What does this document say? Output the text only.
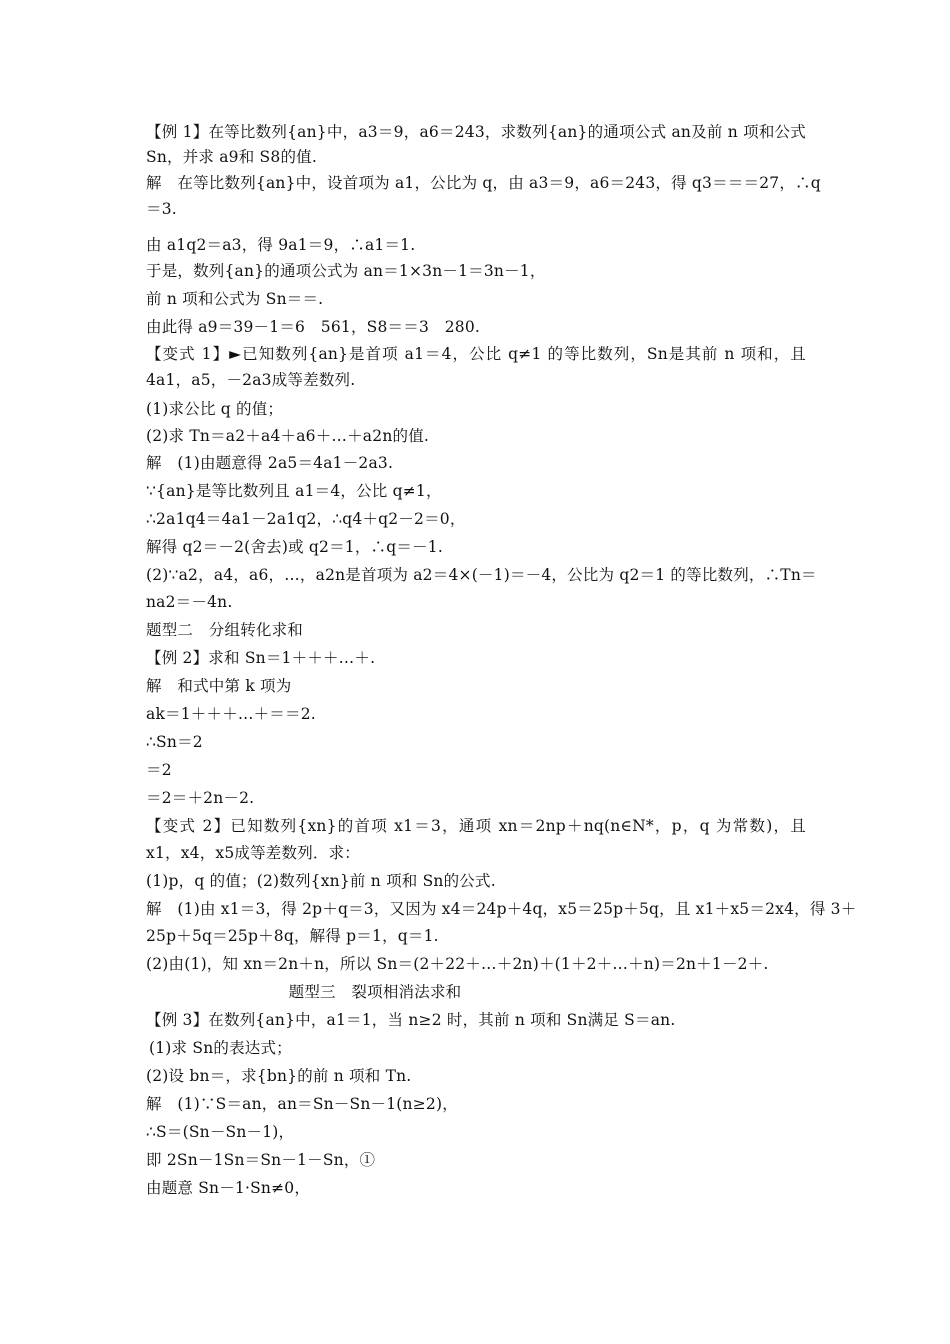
【例 1】在等比数列{an}中，a3＝9，a6＝243，求数列{an}的通项公式 an及前 n 项和公式
Sn，并求 a9和 S8的值.
解　在等比数列{an}中，设首项为 a1，公比为 q，由 a3＝9，a6＝243，得 q3＝＝＝27，∴q
＝3.
由 a1q2＝a3，得 9a1＝9，∴a1＝1.
于是，数列{an}的通项公式为 an＝1×3n－1＝3n－1，
前 n 项和公式为 Sn＝＝.
由此得 a9＝39－1＝6　561，S8＝＝3　280.
【变式 1】►已知数列{an}是首项 a1＝4，公比 q≠1 的等比数列，Sn是其前 n 项和，且
4a1，a5，－2a3成等差数列.
(1)求公比 q 的值；
(2)求 Tn＝a2＋a4＋a6＋…＋a2n的值.
解　(1)由题意得 2a5＝4a1－2a3.
∵{an}是等比数列且 a1＝4，公比 q≠1，
∴2a1q4＝4a1－2a1q2，∴q4＋q2－2＝0，
解得 q2＝－2(舍去)或 q2＝1，∴q＝－1.
(2)∵a2，a4，a6，…，a2n是首项为 a2＝4×(－1)＝－4，公比为 q2＝1 的等比数列，∴Tn＝
na2＝－4n.
题型二　分组转化求和
【例 2】求和 Sn＝1＋＋＋…＋.
解　和式中第 k 项为
ak＝1＋＋＋…＋＝＝2.
∴Sn＝2
＝2
＝2＝＋2n－2.
【变式 2】已知数列{xn}的首项 x1＝3，通项 xn＝2np＋nq(n∈N*，p，q 为常数)，且
x1，x4，x5成等差数列．求：
(1)p，q 的值；(2)数列{xn}前 n 项和 Sn的公式.
解　(1)由 x1＝3，得 2p＋q＝3，又因为 x4＝24p＋4q，x5＝25p＋5q，且 x1＋x5＝2x4，得 3＋
25p＋5q＝25p＋8q，解得 p＝1，q＝1.
(2)由(1)，知 xn＝2n＋n，所以 Sn＝(2＋22＋…＋2n)＋(1＋2＋…＋n)＝2n＋1－2＋.
题型三　裂项相消法求和
【例 3】在数列{an}中，a1＝1，当 n≥2 时，其前 n 项和 Sn满足 S＝an.
(1)求 Sn的表达式；
(2)设 bn＝，求{bn}的前 n 项和 Tn.
解　(1)∵S＝an，an＝Sn－Sn－1(n≥2)，
∴S＝(Sn－Sn－1)，
即 2Sn－1Sn＝Sn－1－Sn，①
由题意 Sn－1·Sn≠0，
